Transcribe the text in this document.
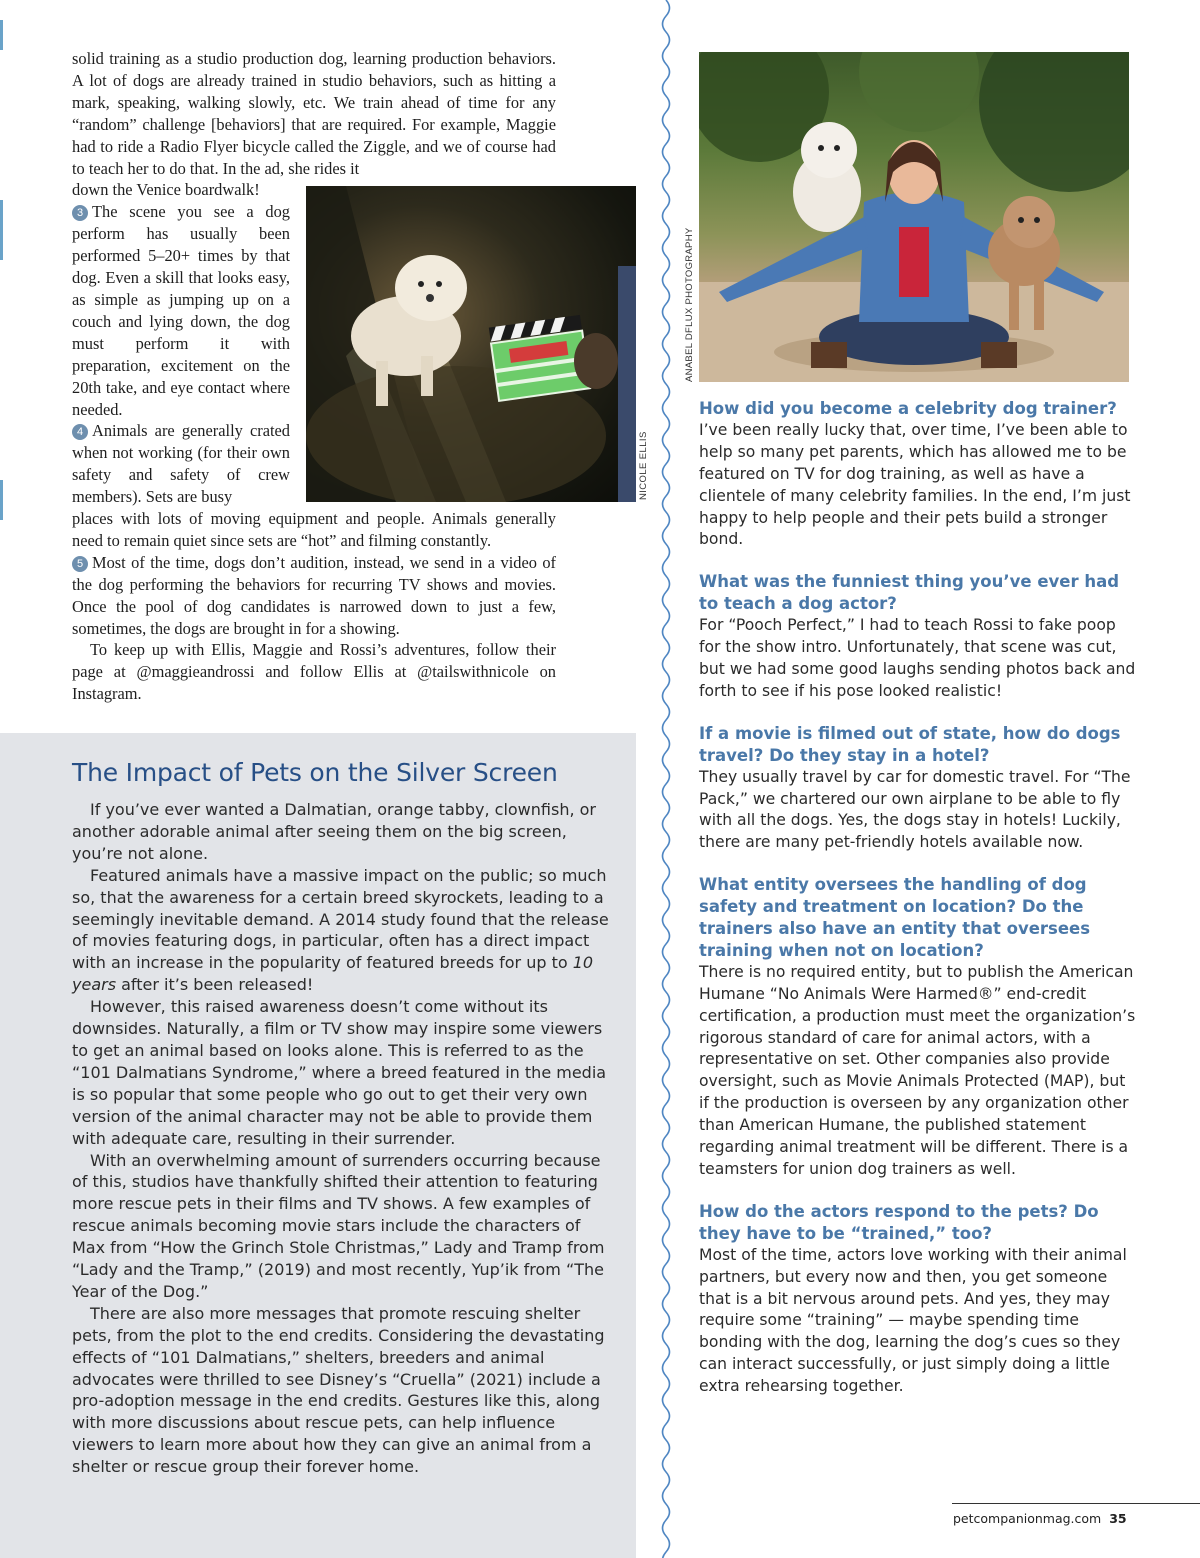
solid training as a studio production dog, learning production behaviors. A lot of dogs are already trained in studio behaviors, such as hitting a mark, speaking, walking slowly, etc. We train ahead of time for any “random” challenge [behaviors] that are required. For example, Maggie had to ride a Radio Flyer bicycle called the Ziggle, and we of course had to teach her to do that. In the ad, she rides it

down the Venice boardwalk!

3 The scene you see a dog perform has usually been performed 5–20+ times by that dog. Even a skill that looks easy, as simple as jumping up on a couch and lying down, the dog must perform it with preparation, excitement on the 20th take, and eye contact where needed.

4 Animals are generally crated when not working (for their own safety and safety of crew members). Sets are busy

places with lots of moving equipment and people. Animals generally need to remain quiet since sets are “hot” and filming constantly.

5 Most of the time, dogs don’t audition, instead, we send in a video of the dog performing the behaviors for recurring TV shows and movies. Once the pool of dog candidates is narrowed down to just a few, sometimes, the dogs are brought in for a showing.

To keep up with Ellis, Maggie and Rossi’s adventures, follow their page at @maggieandrossi and follow Ellis at @tailswithnicole on Instagram.

NICOLE ELLIS
The Impact of Pets on the Silver Screen

If you’ve ever wanted a Dalmatian, orange tabby, clownfish, or another adorable animal after seeing them on the big screen, you’re not alone.

Featured animals have a massive impact on the public; so much so, that the awareness for a certain breed skyrockets, leading to a seemingly inevitable demand. A 2014 study found that the release of movies featuring dogs, in particular, often has a direct impact with an increase in the popularity of featured breeds for up to 10 years after it’s been released!

However, this raised awareness doesn’t come without its downsides. Naturally, a film or TV show may inspire some viewers to get an animal based on looks alone. This is referred to as the “101 Dalmatians Syndrome,” where a breed featured in the media is so popular that some people who go out to get their very own version of the animal character may not be able to provide them with adequate care, resulting in their surrender.

With an overwhelming amount of surrenders occurring because of this, studios have thankfully shifted their attention to featuring more rescue pets in their films and TV shows. A few examples of rescue animals becoming movie stars include the characters of Max from “How the Grinch Stole Christmas,” Lady and Tramp from “Lady and the Tramp,” (2019) and most recently, Yup’ik from “The Year of the Dog.”

There are also more messages that promote rescuing shelter pets, from the plot to the end credits. Considering the devastating effects of “101 Dalmatians,” shelters, breeders and animal advocates were thrilled to see Disney’s “Cruella” (2021) include a pro-adoption message in the end credits. Gestures like this, along with more discussions about rescue pets, can help influence viewers to learn more about how they can give an animal from a shelter or rescue group their forever home.

ANABEL DFLUX PHOTOGRAPHY

How did you become a celebrity dog trainer?

I’ve been really lucky that, over time, I’ve been able to help so many pet parents, which has allowed me to be featured on TV for dog training, as well as have a clientele of many celebrity families. In the end, I’m just happy to help people and their pets build a stronger bond.

What was the funniest thing you’ve ever had to teach a dog actor?

For “Pooch Perfect,” I had to teach Rossi to fake poop for the show intro. Unfortunately, that scene was cut, but we had some good laughs sending photos back and forth to see if his pose looked realistic!

If a movie is filmed out of state, how do dogs travel? Do they stay in a hotel?

They usually travel by car for domestic travel. For “The Pack,” we chartered our own airplane to be able to fly with all the dogs. Yes, the dogs stay in hotels! Luckily, there are many pet-friendly hotels available now.

What entity oversees the handling of dog safety and treatment on location? Do the trainers also have an entity that oversees training when not on location?

There is no required entity, but to publish the American Humane “No Animals Were Harmed®” end-credit certification, a production must meet the organization’s rigorous standard of care for animal actors, with a representative on set. Other companies also provide oversight, such as Movie Animals Protected (MAP), but if the production is overseen by any organization other than American Humane, the published statement regarding animal treatment will be different. There is a teamsters for union dog trainers as well.

How do the actors respond to the pets? Do they have to be “trained,” too?

Most of the time, actors love working with their animal partners, but every now and then, you get someone that is a bit nervous around pets. And yes, they may require some “training” — maybe spending time bonding with the dog, learning the dog’s cues so they can interact successfully, or just simply doing a little extra rehearsing together.

petcompanionmag.com 35
